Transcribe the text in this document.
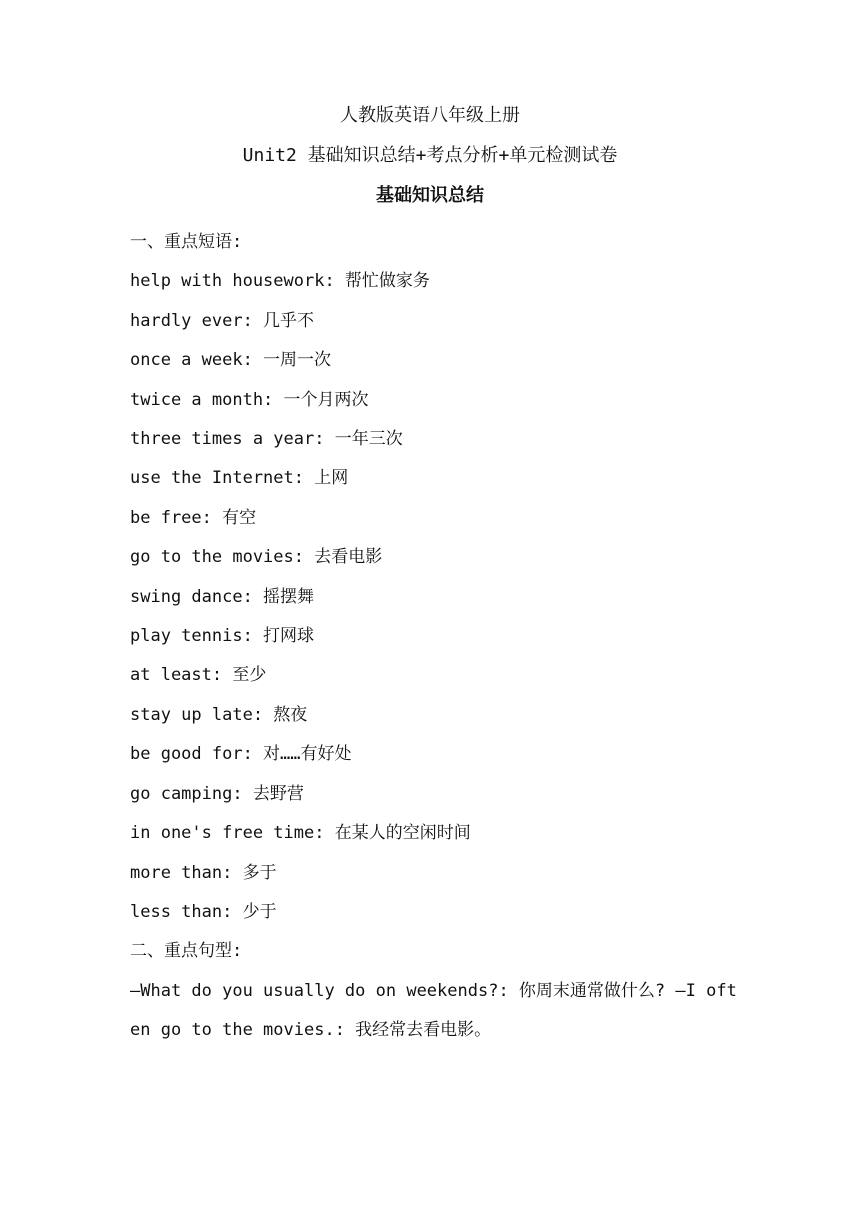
人教版英语八年级上册
Unit2 基础知识总结+考点分析+单元检测试卷
基础知识总结

一、重点短语:

help with housework: 帮忙做家务

hardly ever: 几乎不

once a week: 一周一次

twice a month: 一个月两次

three times a year: 一年三次

use the Internet: 上网

be free: 有空

go to the movies: 去看电影

swing dance: 摇摆舞

play tennis: 打网球

at least: 至少

stay up late: 熬夜

be good for: 对……有好处

go camping: 去野营

in one's free time: 在某人的空闲时间

more than: 多于

less than: 少于

二、重点句型:

—What do you usually do on weekends?: 你周末通常做什么? —I often go to the movies.: 我经常去看电影。
